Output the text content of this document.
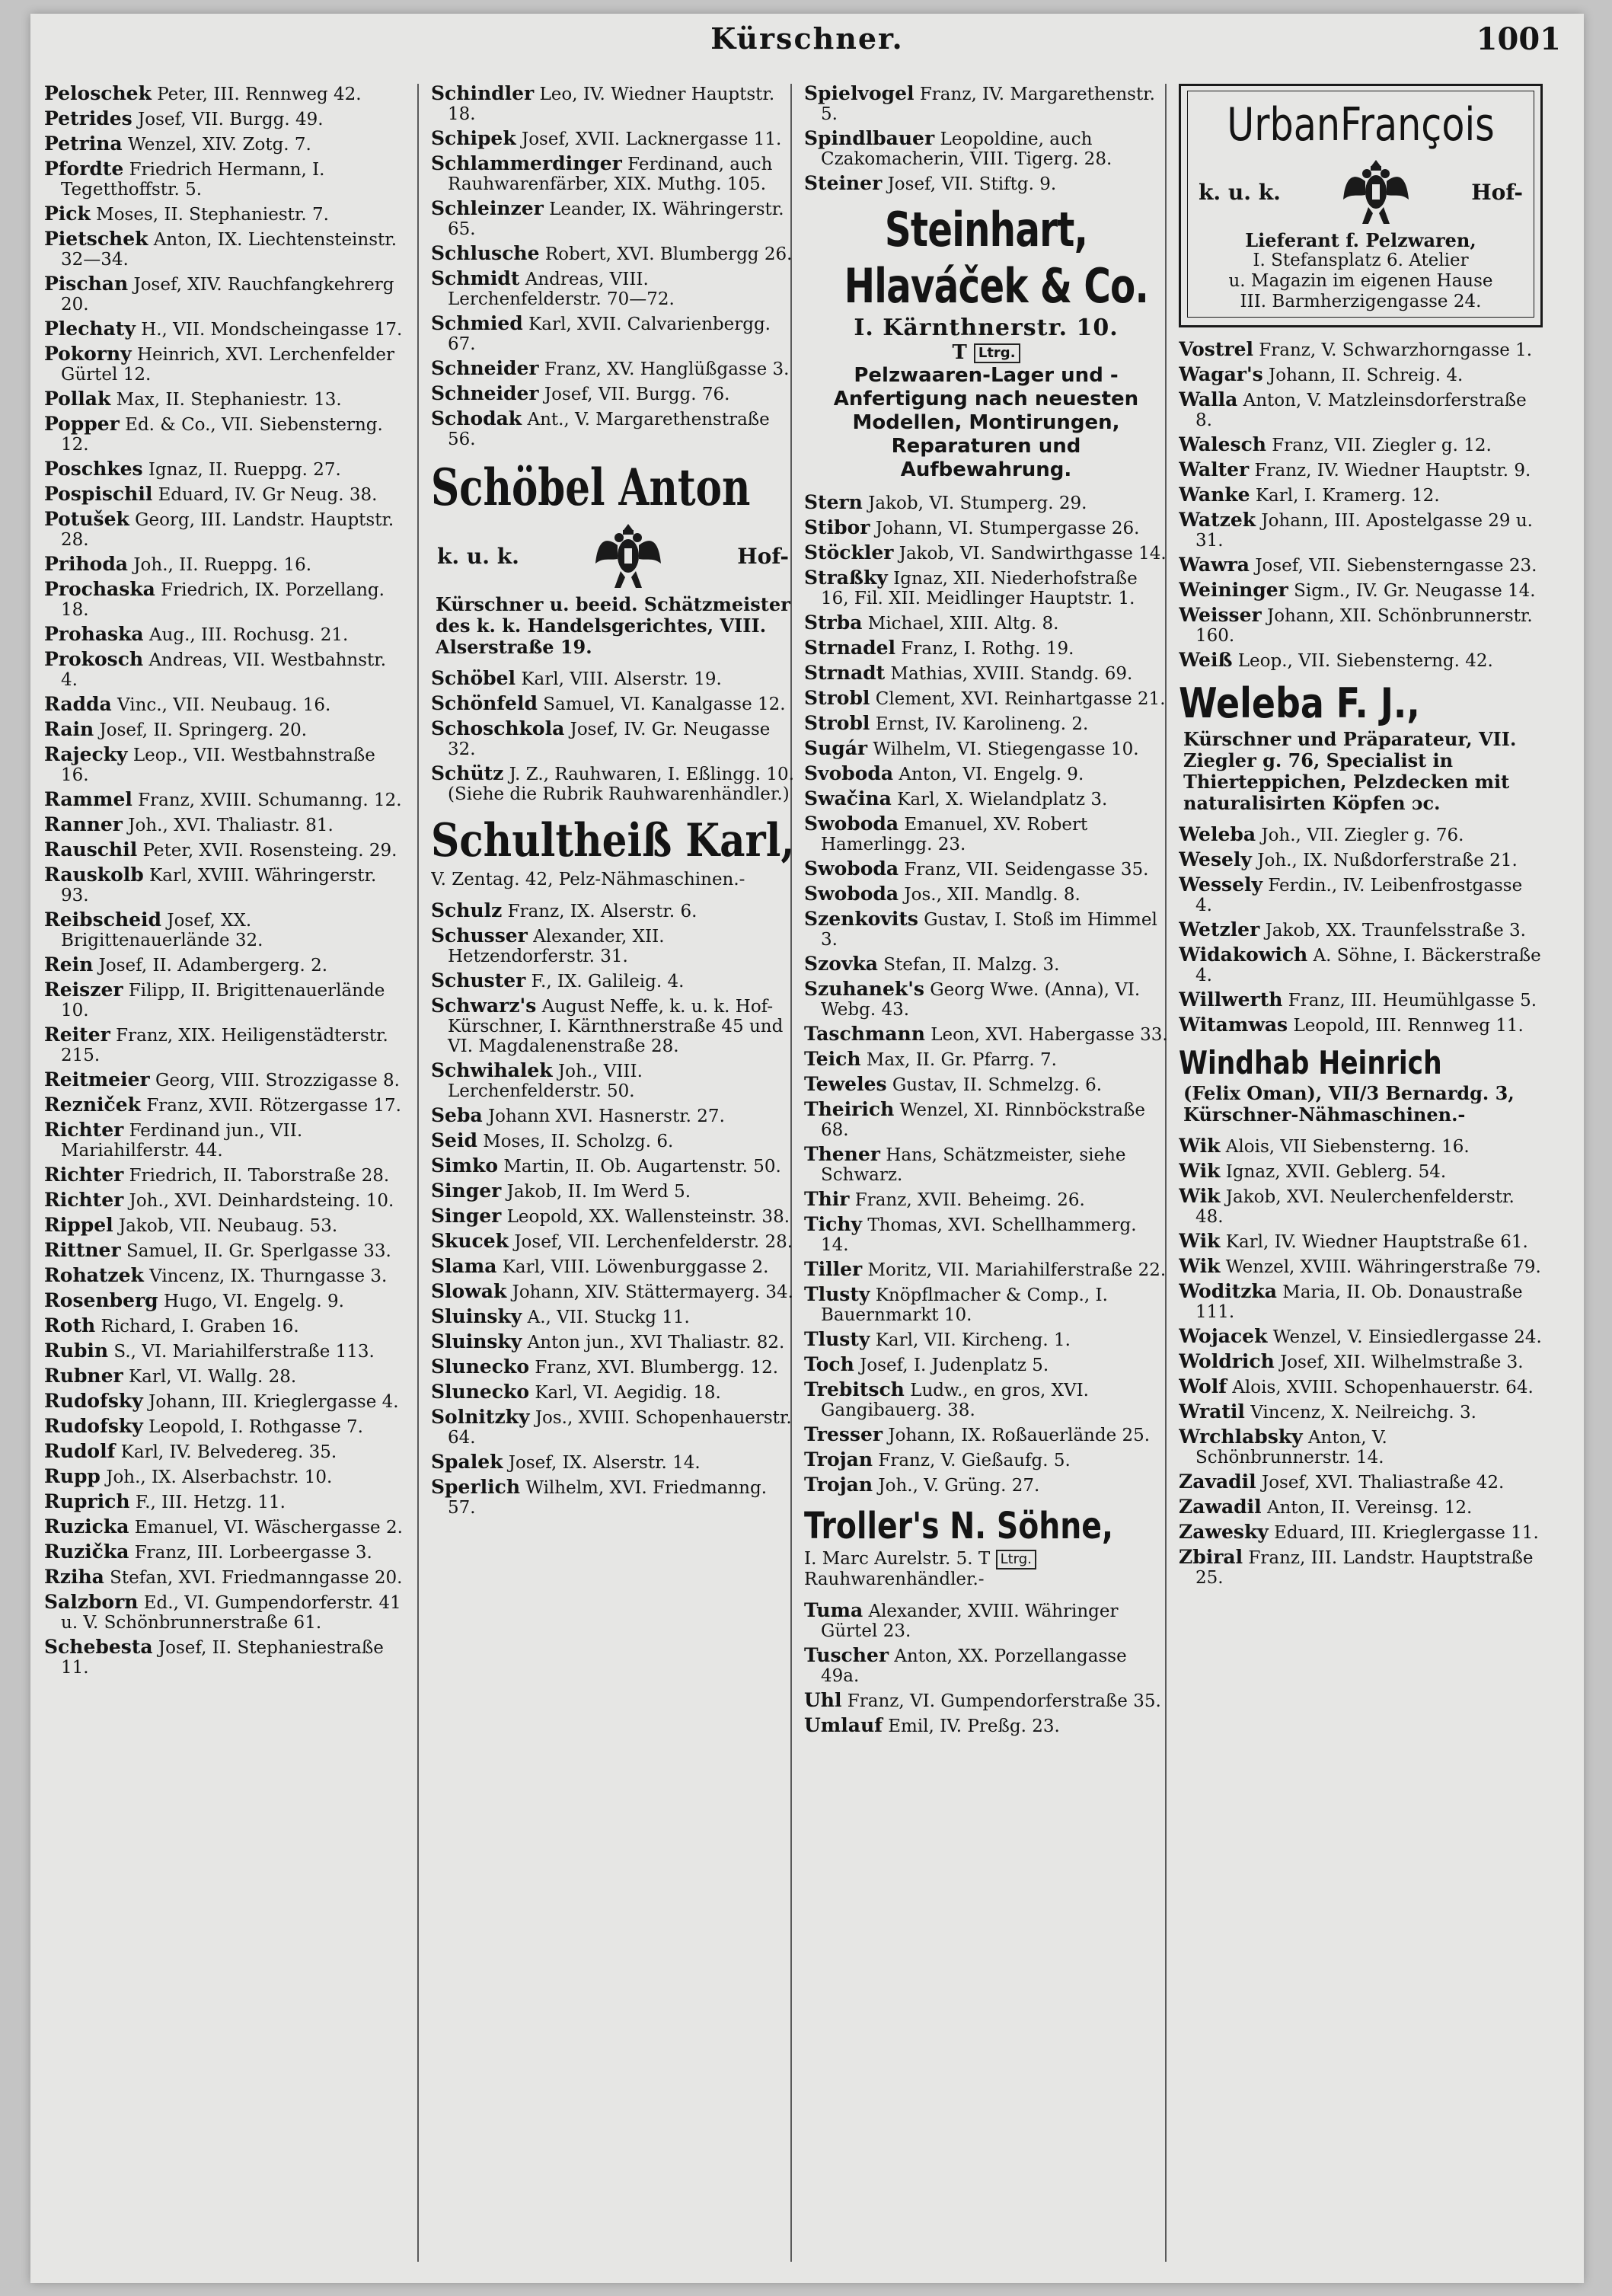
Kürschner.	1001
Peloschek Peter, III. Rennweg 42.
Petrides Josef, VII. Burgg. 49.
Petrina Wenzel, XIV. Zotg. 7.
Pfordte Friedrich Hermann, I. Tegetthoffstr. 5.
Pick Moses, II. Stephaniestr. 7.
Pietschek Anton, IX. Liechtensteinstr. 32—34.
Pischan Josef, XIV. Rauchfangkehrerg 20.
Plechaty H., VII. Mondscheingasse 17.
Pokorny Heinrich, XVI. Lerchenfelder Gürtel 12.
Pollak Max, II. Stephaniestr. 13.
Popper Ed. & Co., VII. Siebensterng. 12.
Poschkes Ignaz, II. Rueppg. 27.
Pospischil Eduard, IV. Gr Neug. 38.
Potušek Georg, III. Landstr. Hauptstr. 28.
Prihoda Joh., II. Rueppg. 16.
Prochaska Friedrich, IX. Porzellang. 18.
Prohaska Aug., III. Rochusg. 21.
Prokosch Andreas, VII. Westbahnstr. 4.
Radda Vinc., VII. Neubaug. 16.
Rain Josef, II. Springerg. 20.
Rajecky Leop., VII. Westbahnstraße 16.
Rammel Franz, XVIII. Schumanng. 12.
Ranner Joh., XVI. Thaliastr. 81.
Rauschil Peter, XVII. Rosensteing. 29.
Rauskolb Karl, XVIII. Währingerstr. 93.
Reibscheid Josef, XX. Brigittenauerlände 32.
Rein Josef, II. Adambergerg. 2.
Reiszer Filipp, II. Brigittenauerlände 10.
Reiter Franz, XIX. Heiligenstädterstr. 215.
Reitmeier Georg, VIII. Strozzigasse 8.
Rezniček Franz, XVII. Rötzergasse 17.
Richter Ferdinand jun., VII. Mariahilferstr. 44.
Richter Friedrich, II. Taborstraße 28.
Richter Joh., XVI. Deinhardsteing. 10.
Rippel Jakob, VII. Neubaug. 53.
Rittner Samuel, II. Gr. Sperlgasse 33.
Rohatzek Vincenz, IX. Thurngasse 3.
Rosenberg Hugo, VI. Engelg. 9.
Roth Richard, I. Graben 16.
Rubin S., VI. Mariahilferstraße 113.
Rubner Karl, VI. Wallg. 28.
Rudofsky Johann, III. Krieglergasse 4.
Rudofsky Leopold, I. Rothgasse 7.
Rudolf Karl, IV. Belvedereg. 35.
Rupp Joh., IX. Alserbachstr. 10.
Ruprich F., III. Hetzg. 11.
Ruzicka Emanuel, VI. Wäschergasse 2.
Ruzička Franz, III. Lorbeergasse 3.
Rziha Stefan, XVI. Friedmanngasse 20.
Salzborn Ed., VI. Gumpendorferstr. 41 u. V. Schönbrunnerstraße 61.
Schebesta Josef, II. Stephaniestraße 11.
Schindler Leo, IV. Wiedner Hauptstr. 18.
Schipek Josef, XVII. Lacknergasse 11.
Schlammerdinger Ferdinand, auch Rauhwarenfärber, XIX. Muthg. 105.
Schleinzer Leander, IX. Währingerstr. 65.
Schlusche Robert, XVI. Blumbergg 26.
Schmidt Andreas, VIII. Lerchenfelderstr. 70—72.
Schmied Karl, XVII. Calvarienbergg. 67.
Schneider Franz, XV. Hanglüßgasse 3.
Schneider Josef, VII. Burgg. 76.
Schodak Ant., V. Margarethenstraße 56.
Schöbel Anton
k. u. k.	Hof-
Kürschner u. beeid. Schätzmeister des k. k. Handelsgerichtes, VIII. Alserstraße 19.
Schöbel Karl, VIII. Alserstr. 19.
Schönfeld Samuel, VI. Kanalgasse 12.
Schoschkola Josef, IV. Gr. Neugasse 32.
Schütz J. Z., Rauhwaren, I. Eßlingg. 10. (Siehe die Rubrik Rauhwarenhändler.)
Schultheiß Karl,
V. Zentag. 42, Pelz-Nähmaschinen.-
Schulz Franz, IX. Alserstr. 6.
Schusser Alexander, XII. Hetzendorferstr. 31.
Schuster F., IX. Galileig. 4.
Schwarz's August Neffe, k. u. k. Hof-Kürschner, I. Kärnthnerstraße 45 und VI. Magdalenenstraße 28.
Schwihalek Joh., VIII. Lerchenfelderstr. 50.
Seba Johann XVI. Hasnerstr. 27.
Seid Moses, II. Scholzg. 6.
Simko Martin, II. Ob. Augartenstr. 50.
Singer Jakob, II. Im Werd 5.
Singer Leopold, XX. Wallensteinstr. 38.
Skucek Josef, VII. Lerchenfelderstr. 28.
Slama Karl, VIII. Löwenburggasse 2.
Slowak Johann, XIV. Stättermayerg. 34.
Sluinsky A., VII. Stuckg 11.
Sluinsky Anton jun., XVI Thaliastr. 82.
Slunecko Franz, XVI. Blumbergg. 12.
Slunecko Karl, VI. Aegidig. 18.
Solnitzky Jos., XVIII. Schopenhauerstr. 64.
Spalek Josef, IX. Alserstr. 14.
Sperlich Wilhelm, XVI. Friedmanng. 57.
Spielvogel Franz, IV. Margarethenstr. 5.
Spindlbauer Leopoldine, auch Czakomacherin, VIII. Tigerg. 28.
Steiner Josef, VII. Stiftg. 9.
Steinhart,
Hlaváček & Co.
I. Kärnthnerstr. 10.
T Ltrg.
Pelzwaaren-Lager und -Anfertigung nach neuesten Modellen, Montirungen, Reparaturen und Aufbewahrung.
Stern Jakob, VI. Stumperg. 29.
Stibor Johann, VI. Stumpergasse 26.
Stöckler Jakob, VI. Sandwirthgasse 14.
Straßky Ignaz, XII. Niederhofstraße 16, Fil. XII. Meidlinger Hauptstr. 1.
Strba Michael, XIII. Altg. 8.
Strnadel Franz, I. Rothg. 19.
Strnadt Mathias, XVIII. Standg. 69.
Strobl Clement, XVI. Reinhartgasse 21.
Strobl Ernst, IV. Karolineng. 2.
Sugár Wilhelm, VI. Stiegengasse 10.
Svoboda Anton, VI. Engelg. 9.
Swačina Karl, X. Wielandplatz 3.
Swoboda Emanuel, XV. Robert Hamerlingg. 23.
Swoboda Franz, VII. Seidengasse 35.
Swoboda Jos., XII. Mandlg. 8.
Szenkovits Gustav, I. Stoß im Himmel 3.
Szovka Stefan, II. Malzg. 3.
Szuhanek's Georg Wwe. (Anna), VI. Webg. 43.
Taschmann Leon, XVI. Habergasse 33.
Teich Max, II. Gr. Pfarrg. 7.
Teweles Gustav, II. Schmelzg. 6.
Theirich Wenzel, XI. Rinnböckstraße 68.
Thener Hans, Schätzmeister, siehe Schwarz.
Thir Franz, XVII. Beheimg. 26.
Tichy Thomas, XVI. Schellhammerg. 14.
Tiller Moritz, VII. Mariahilferstraße 22.
Tlusty Knöpflmacher & Comp., I. Bauernmarkt 10.
Tlusty Karl, VII. Kircheng. 1.
Toch Josef, I. Judenplatz 5.
Trebitsch Ludw., en gros, XVI. Gangibauerg. 38.
Tresser Johann, IX. Roßauerlände 25.
Trojan Franz, V. Gießaufg. 5.
Trojan Joh., V. Grüng. 27.
Troller's N. Söhne,
I. Marc Aurelstr. 5. T Ltrg. Rauhwarenhändler.-
Tuma Alexander, XVIII. Währinger Gürtel 23.
Tuscher Anton, XX. Porzellangasse 49a.
Uhl Franz, VI. Gumpendorferstraße 35.
Umlauf Emil, IV. Preßg. 23.
UrbanFrançois
k. u. k.	Hof-
Lieferant f. Pelzwaren,
I. Stefansplatz 6. Atelier
u. Magazin im eigenen Hause
III. Barmherzigengasse 24.
Vostrel Franz, V. Schwarzhorngasse 1.
Wagar's Johann, II. Schreig. 4.
Walla Anton, V. Matzleinsdorferstraße 8.
Walesch Franz, VII. Ziegler g. 12.
Walter Franz, IV. Wiedner Hauptstr. 9.
Wanke Karl, I. Kramerg. 12.
Watzek Johann, III. Apostelgasse 29 u. 31.
Wawra Josef, VII. Siebensterngasse 23.
Weininger Sigm., IV. Gr. Neugasse 14.
Weisser Johann, XII. Schönbrunnerstr. 160.
Weiß Leop., VII. Siebensterng. 42.
Weleba F. J.,
Kürschner und Präparateur, VII. Ziegler g. 76, Specialist in Thierteppichen, Pelzdecken mit naturalisirten Köpfen ɔc.
Weleba Joh., VII. Ziegler g. 76.
Wesely Joh., IX. Nußdorferstraße 21.
Wessely Ferdin., IV. Leibenfrostgasse 4.
Wetzler Jakob, XX. Traunfelsstraße 3.
Widakowich A. Söhne, I. Bäckerstraße 4.
Willwerth Franz, III. Heumühlgasse 5.
Witamwas Leopold, III. Rennweg 11.
Windhab Heinrich
(Felix Oman), VII/3 Bernardg. 3, Kürschner-Nähmaschinen.-
Wik Alois, VII Siebensterng. 16.
Wik Ignaz, XVII. Geblerg. 54.
Wik Jakob, XVI. Neulerchenfelderstr. 48.
Wik Karl, IV. Wiedner Hauptstraße 61.
Wik Wenzel, XVIII. Währingerstraße 79.
Woditzka Maria, II. Ob. Donaustraße 111.
Wojacek Wenzel, V. Einsiedlergasse 24.
Woldrich Josef, XII. Wilhelmstraße 3.
Wolf Alois, XVIII. Schopenhauerstr. 64.
Wratil Vincenz, X. Neilreichg. 3.
Wrchlabsky Anton, V. Schönbrunnerstr. 14.
Zavadil Josef, XVI. Thaliastraße 42.
Zawadil Anton, II. Vereinsg. 12.
Zawesky Eduard, III. Krieglergasse 11.
Zbiral Franz, III. Landstr. Hauptstraße 25.
